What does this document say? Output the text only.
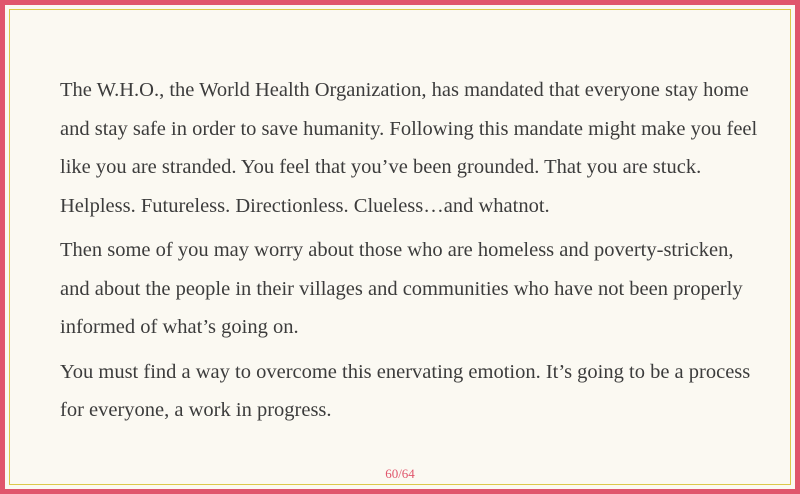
The W.H.O., the World Health Organization, has mandated that everyone stay home and stay safe in order to save humanity. Following this mandate might make you feel like you are stranded. You feel that you’ve been grounded. That you are stuck. Helpless. Futureless. Directionless. Clueless…and whatnot.

Then some of you may worry about those who are homeless and poverty-stricken, and about the people in their villages and communities who have not been properly informed of what’s going on.

You must find a way to overcome this enervating emotion. It’s going to be a process for everyone, a work in progress.

60/64
